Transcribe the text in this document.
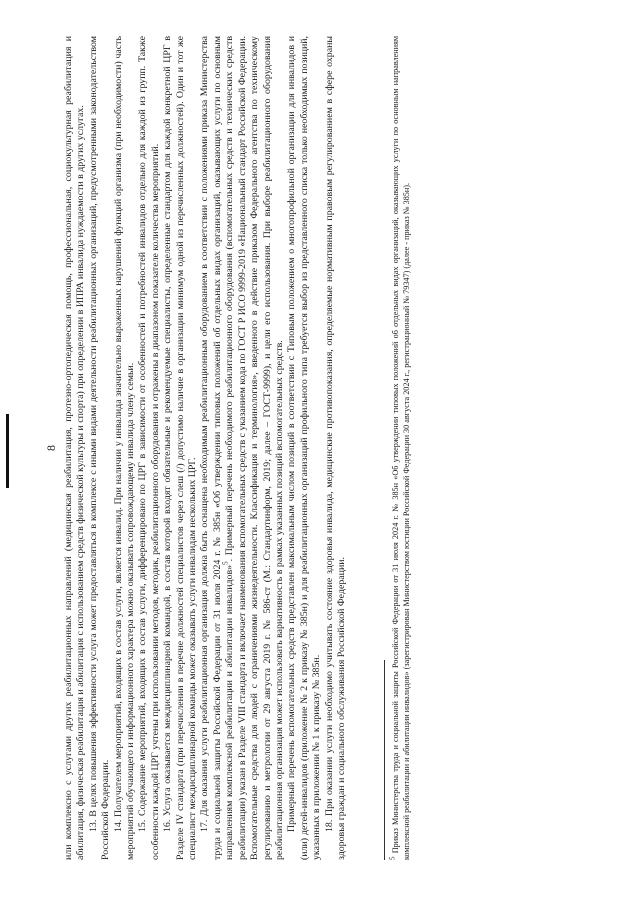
8 или комплексно с услугами других реабилитационных направлений (медицинская реабилитация, протезно-ортопедическая помощь, профессиональная, социокультурная реабилитация и абилитация, физическая реабилитация и абилитация с использованием средств физической культуры и спорта) при определении в ИПРА инвалида нуждаемости в других услугах. 13. В целях повышения эффективности услуга может предоставляться в комплексе с иными видами деятельности реабилитационных организаций, предусмотренными законодательством Российской Федерации. 14. Получателем мероприятий, входящих в состав услуги, является инвалид. При наличии у инвалида значительно выраженных нарушений функций организма (при необходимости) часть мероприятий обучающего и информационного характера можно оказывать сопровождающему инвалида члену семьи. 15. Содержание мероприятий, входящих в состав услуги, дифференцировано по ЦРГ в зависимости от особенностей и потребностей инвалидов отдельно для каждой из групп. Также особенности каждой ЦРГ учтены при использовании методов, методик, реабилитационного оборудования и отражены в диапазоном показателе количества мероприятий. 16. Услуга оказывается междисциплинарной командой, в состав которой входят обязательные и рекомендуемые специалисты, определенные стандартом для каждой конкретной ЦРГ в Разделе IV стандарта (при перечислении в перечне должностей специалистов через слеш (/) допустимо наличие в организации минимум одной из перечисленных должностей). Один и тот же специалист междисциплинарной команды может оказывать услуги инвалидам нескольких ЦРГ. 17. Для оказания услуги реабилитационная организация должна быть оснащена необходимым реабилитационным оборудованием в соответствии с положениями приказа Министерства труда и социальной защиты Российской Федерации от 31 июля 2024 г. № 385н «Об утверждении типовых положений об отдельных видах организаций, оказывающих услуги по основным направлениям комплексной реабилитации и абилитации инвалидов»$^5$. Примерный перечень необходимого реабилитационного оборудования (вспомогательных средств и технических средств реабилитации) указан в Разделе VIII стандарта и включает наименования вспомогательных средств с указанием кода по ГОСТ Р ИСО 9999-2019 «Национальный стандарт Российской Федерации. Вспомогательные средства для людей с ограничениями жизнедеятельности. Классификация и терминология», введенного в действие приказом Федерального агентства по техническому регулированию и метрологии от 29 августа 2019 г. № 586-ст (М.: Стандартинформ, 2019; далее – ГОСТ-9999), и цели его использования. При выборе реабилитационного оборудования реабилитационная организация может использовать вариативность в рамках указанных позиций вспомогательных средств. Примерный перечень вспомогательных средств представлен максимальным числом позиций в соответствии с Типовым положением о многопрофильной организации для инвалидов и (или) детей-инвалидов (приложение № 2 к приказу № 385н) и для реабилитационных организаций профильного типа требуется выбор из представленного списка только необходимых позиций, указанных в приложении № 1 к приказу № 385н. 18. При оказании услуги необходимо учитывать состояние здоровья инвалида, медицинские противопоказания, определяемые нормативным правовым регулированием в сфере охраны здоровья граждан и социального обслуживания Российской Федерации.	$^5$ Приказ Министерства труда и социальной защиты Российской Федерации от 31 июля 2024 г. № 385н «Об утверждении типовых положений об отдельных видах организаций, оказывающих услуги по основным направлениям комплексной реабилитации и абилитации инвалидов» (зарегистрирован Министерством юстиции Российской Федерации 30 августа 2024 г., регистрационный № 79347) (далее - приказ № 385н).
